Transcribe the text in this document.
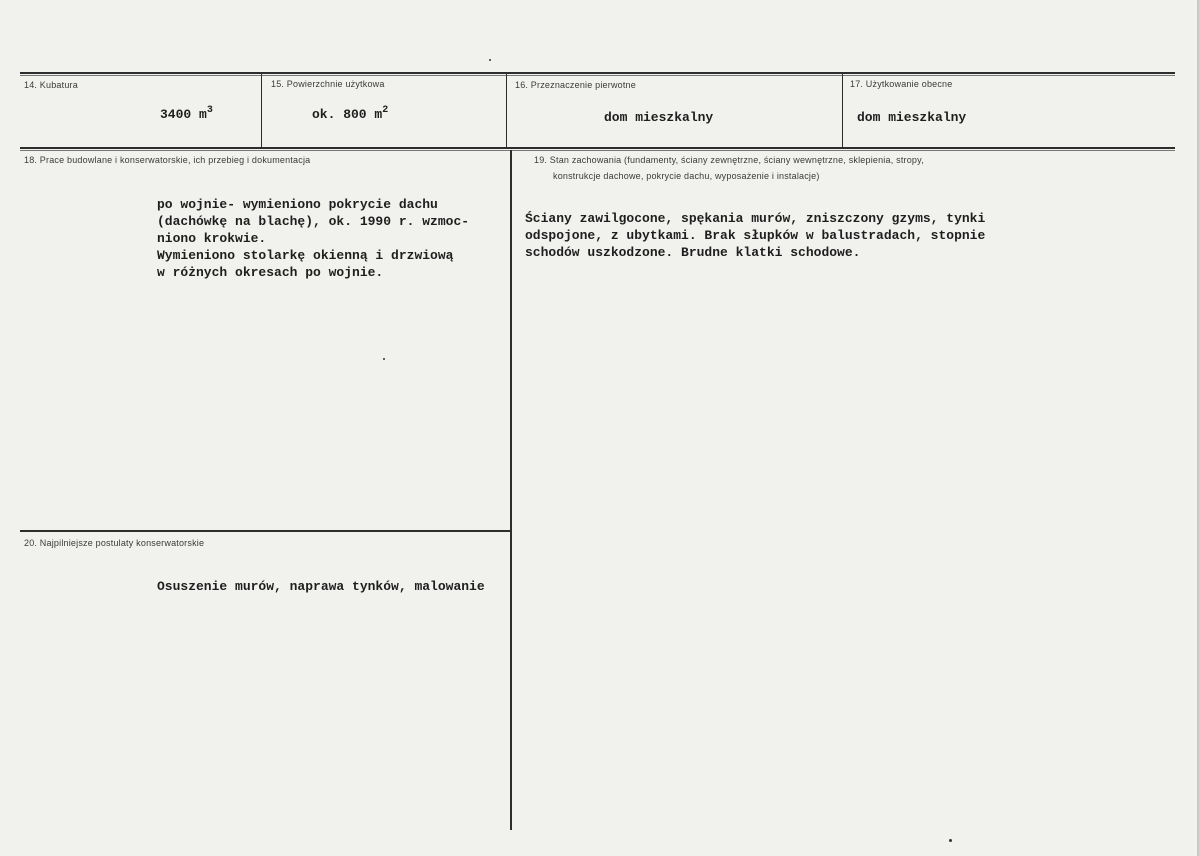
14. Kubatura
3400 $m^3$
15. Powierzchnie użytkowa
ok. 800 $m^2$
16. Przeznaczenie pierwotne
dom mieszkalny
17. Użytkowanie obecne
dom mieszkalny
18. Prace budowlane i konserwatorskie, ich przebieg i dokumentacja
po wojnie- wymieniono pokrycie dachu
(dachówkę na blachę), ok. 1990 r. wzmoc-
niono krokwie.
Wymieniono stolarkę okienną i drzwiową
w różnych okresach po wojnie.
19. Stan zachowania (fundamenty, ściany zewnętrzne, ściany wewnętrzne, sklepienia, stropy,
konstrukcje dachowe, pokrycie dachu, wyposażenie i instalacje)
Ściany zawilgocone, spękania murów, zniszczony gzyms, tynki
odspojone, z ubytkami. Brak słupków w balustradach, stopnie
schodów uszkodzone. Brudne klatki schodowe.
20. Najpilniejsze postulaty konserwatorskie
Osuszenie murów, naprawa tynków, malowanie
